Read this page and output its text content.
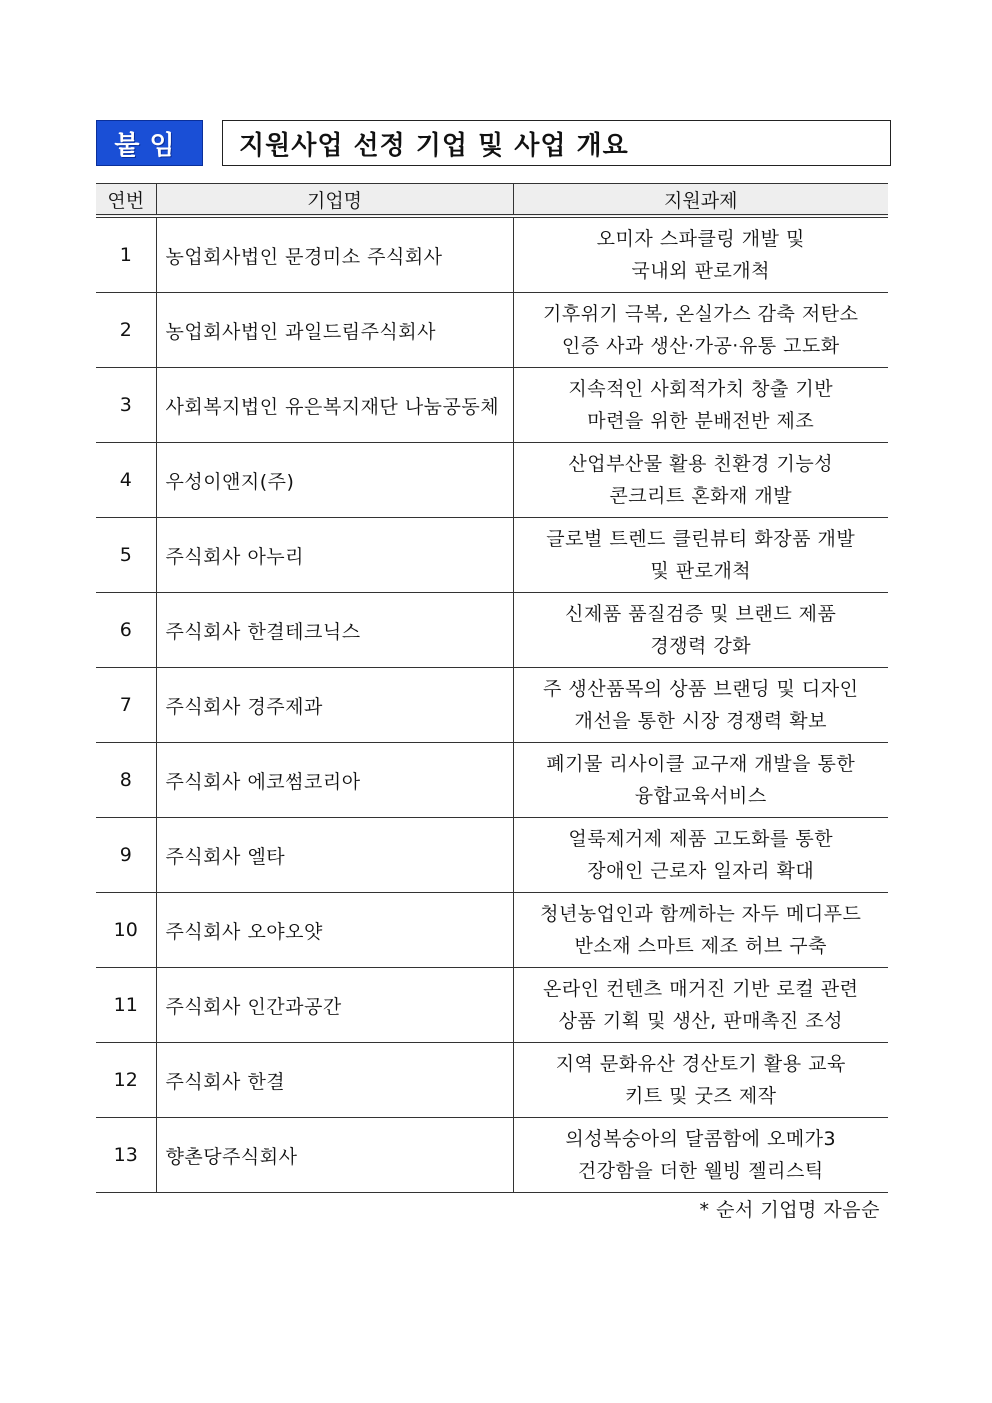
붙임 지원사업 선정 기업 및 사업 개요
연번	기업명	지원과제
1	농업회사법인 문경미소 주식회사	오미자 스파클링 개발 및
국내외 판로개척

2	농업회사법인 과일드림주식회사	기후위기 극복, 온실가스 감축 저탄소
인증 사과 생산·가공·유통 고도화

3	사회복지법인 유은복지재단 나눔공동체	지속적인 사회적가치 창출 기반
마련을 위한 분배전반 제조

4	우성이앤지(주)	산업부산물 활용 친환경 기능성
콘크리트 혼화재 개발

5	주식회사 아누리	글로벌 트렌드 클린뷰티 화장품 개발
및 판로개척

6	주식회사 한결테크닉스	신제품 품질검증 및 브랜드 제품
경쟁력 강화

7	주식회사 경주제과	주 생산품목의 상품 브랜딩 및 디자인
개선을 통한 시장 경쟁력 확보

8	주식회사 에코썸코리아	폐기물 리사이클 교구재 개발을 통한
융합교육서비스

9	주식회사 엘타	얼룩제거제 제품 고도화를 통한
장애인 근로자 일자리 확대

10	주식회사 오야오얏	청년농업인과 함께하는 자두 메디푸드
반소재 스마트 제조 허브 구축

11	주식회사 인간과공간	온라인 컨텐츠 매거진 기반 로컬 관련
상품 기획 및 생산, 판매촉진 조성

12	주식회사 한결	지역 문화유산 경산토기 활용 교육
키트 및 굿즈 제작

13	향촌당주식회사	의성복숭아의 달콤함에 오메가3
건강함을 더한 웰빙 젤리스틱
* 순서 기업명 자음순
